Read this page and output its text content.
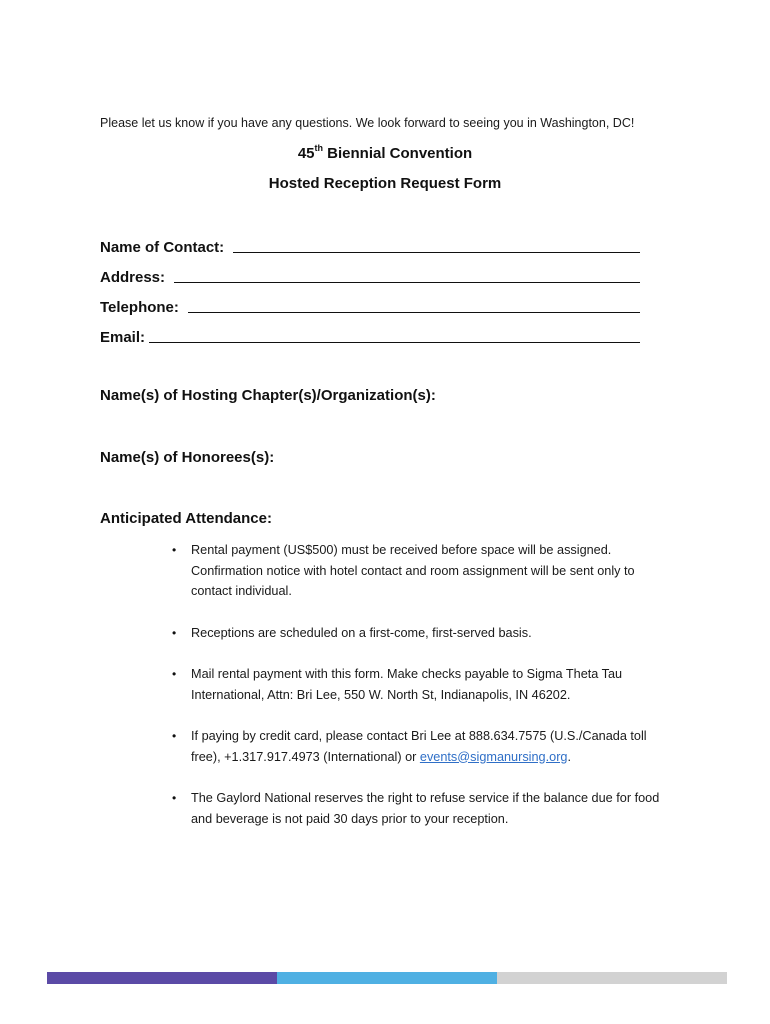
Please let us know if you have any questions. We look forward to seeing you in Washington, DC!
45th Biennial Convention
Hosted Reception Request Form
Name of Contact:
Address:
Telephone:
Email:
Name(s) of Hosting Chapter(s)/Organization(s):
Name(s) of Honorees(s):
Anticipated Attendance:
• Rental payment (US$500) must be received before space will be assigned. Confirmation notice with hotel contact and room assignment will be sent only to contact individual.
• Receptions are scheduled on a first-come, first-served basis.
• Mail rental payment with this form. Make checks payable to Sigma Theta Tau International, Attn: Bri Lee, 550 W. North St, Indianapolis, IN 46202.
• If paying by credit card, please contact Bri Lee at 888.634.7575 (U.S./Canada toll free), +1.317.917.4973 (International) or events@sigmanursing.org.
• The Gaylord National reserves the right to refuse service if the balance due for food and beverage is not paid 30 days prior to your reception.
